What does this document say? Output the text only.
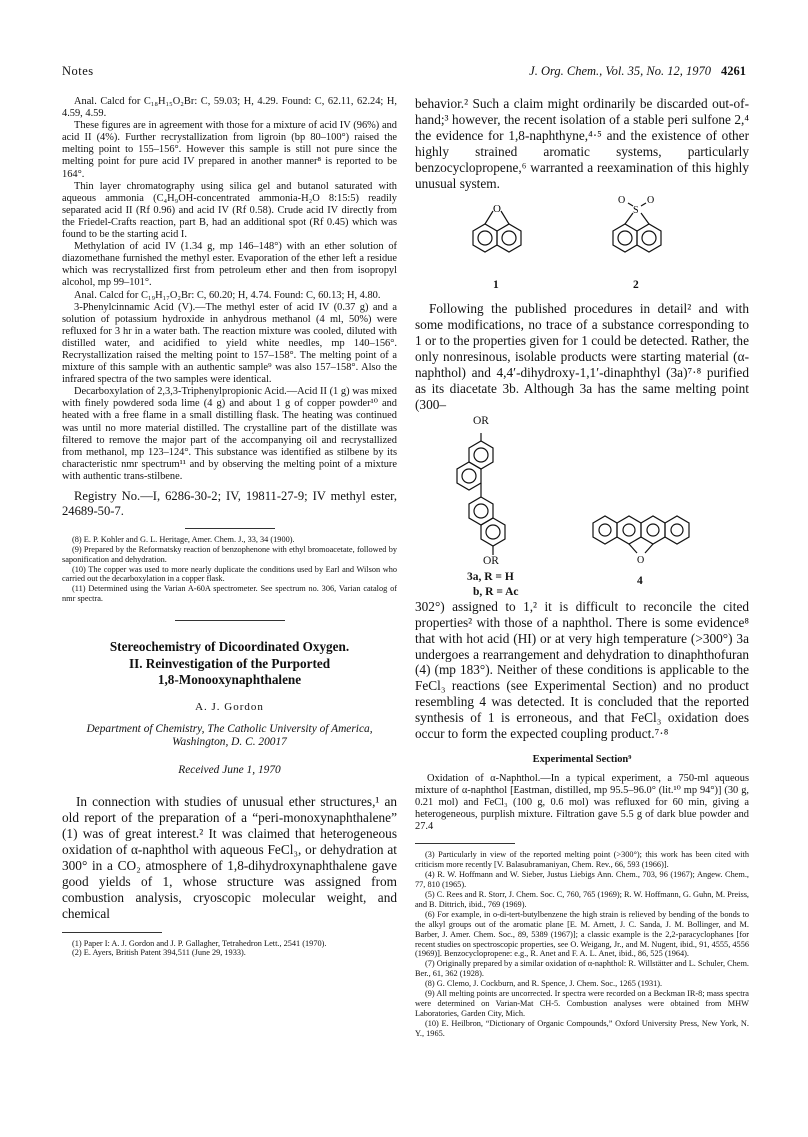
Notes	J. Org. Chem., Vol. 35, No. 12, 1970 4261

Anal. Calcd for C₁₈H₁₅O₂Br: C, 59.03; H, 4.29. Found: C, 62.11, 62.24; H, 4.59, 4.59.

These figures are in agreement with those for a mixture of acid IV (96%) and acid II (4%). Further recrystallization from ligroin (bp 80–100°) raised the melting point to 155–156°. However this sample is still not pure since the melting point for pure acid IV prepared in another manner⁸ is reported to be 164°.

Thin layer chromatography using silica gel and butanol saturated with aqueous ammonia (C₄H₉OH-concentrated ammonia-H₂O 8:15:5) readily separated acid II (Rf 0.96) and acid IV (Rf 0.58). Crude acid IV directly from the Friedel-Crafts reaction, part B, had an additional spot (Rf 0.45) which was found to be the starting acid I.

Methylation of acid IV (1.34 g, mp 146–148°) with an ether solution of diazomethane furnished the methyl ester. Evaporation of the ether left a residue which was recrystallized first from petroleum ether and then from isopropyl alcohol, mp 99–101°.

Anal. Calcd for C₁₉H₁₇O₂Br: C, 60.20; H, 4.74. Found: C, 60.13; H, 4.80.

3-Phenylcinnamic Acid (V).—The methyl ester of acid IV (0.37 g) and a solution of potassium hydroxide in anhydrous methanol (4 ml, 50%) were refluxed for 3 hr in a water bath. The reaction mixture was cooled, diluted with distilled water, and acidified to yield white needles, mp 140–156°. Recrystallization raised the melting point to 157–158°. The melting point of a mixture of this sample with an authentic sample⁹ was also 157–158°. Also the infrared spectra of the two samples were identical.

Decarboxylation of 2,3,3-Triphenylpropionic Acid.—Acid II (1 g) was mixed with finely powdered soda lime (4 g) and about 1 g of copper powder¹⁰ and heated with a free flame in a small distilling flask. The heating was continued was until no more material distilled. The crystalline part of the distillate was filtered to remove the major part of the accompanying oil and recrystallized from methanol, mp 123–124°. This substance was identified as stilbene by its characteristic nmr spectrum¹¹ and by observing the melting point of a mixture with authentic trans-stilbene.

Registry No.—I, 6286-30-2; IV, 19811-27-9; IV methyl ester, 24689-50-7.

(8) E. P. Kohler and G. L. Heritage, Amer. Chem. J., 33, 34 (1900).

(9) Prepared by the Reformatsky reaction of benzophenone with ethyl bromoacetate, followed by saponification and dehydration.

(10) The copper was used to more nearly duplicate the conditions used by Earl and Wilson who carried out the decarboxylation in a copper flask.

(11) Determined using the Varian A-60A spectrometer. See spectrum no. 306, Varian catalog of nmr spectra.

Stereochemistry of Dicoordinated Oxygen.
II. Reinvestigation of the Purported
1,8-Monooxynaphthalene
A. J. Gordon
Department of Chemistry, The Catholic University of America, Washington, D. C. 20017
Received June 1, 1970

In connection with studies of unusual ether structures,¹ an old report of the preparation of a “peri-monoxynaphthalene” (1) was of great interest.² It was claimed that heterogeneous oxidation of α-naphthol with aqueous FeCl₃, or dehydration at 300° in a CO₂ atmosphere of 1,8-dihydroxynaphthalene gave good yields of 1, whose structure was assigned from combustion analysis, cryoscopic molecular weight, and chemical

(1) Paper I: A. J. Gordon and J. P. Gallagher, Tetrahedron Lett., 2541 (1970).

(2) E. Ayers, British Patent 394,511 (June 29, 1933).

behavior.² Such a claim might ordinarily be discarded out-of-hand;³ however, the recent isolation of a stable peri sulfone 2,⁴ the evidence for 1,8-naphthyne,⁴·⁵ and the existence of other highly strained aromatic systems, particularly benzocyclopropene,⁶ warranted a reexamination of this highly unusual system.

O	S
O O
1	2

Following the published procedures in detail² and with some modifications, no trace of a substance corresponding to 1 or to the properties given for 1 could be detected. Rather, the only nonresinous, isolable products were starting material (α-naphthol) and 4,4′-dihydroxy-1,1′-dinaphthyl (3a)⁷·⁸ purified as its diacetate 3b. Although 3a has the same melting point (300–

O
OR
OR
3a, R = H
b, R = Ac
4

302°) assigned to 1,² it is difficult to reconcile the cited properties² with those of a naphthol. There is some evidence⁸ that with hot acid (HI) or at very high temperature (>300°) 3a undergoes a rearrangement and dehydration to dinaphthofuran (4) (mp 183°). Neither of these conditions is applicable to the FeCl₃ reactions (see Experimental Section) and no product resembling 4 was detected. It is concluded that the reported synthesis of 1 is erroneous, and that FeCl₃ oxidation does occur to form the expected coupling product.⁷·⁸

Experimental Section⁹

Oxidation of α-Naphthol.—In a typical experiment, a 750-ml aqueous mixture of α-naphthol [Eastman, distilled, mp 95.5–96.0° (lit.¹⁰ mp 94°)] (30 g, 0.21 mol) and FeCl₃ (100 g, 0.6 mol) was refluxed for 60 min, giving a heterogeneous, purplish mixture. Filtration gave 5.5 g of dark blue powder and 27.4

(3) Particularly in view of the reported melting point (>300°); this work has been cited with criticism more recently [V. Balasubramaniyan, Chem. Rev., 66, 593 (1966)].

(4) R. W. Hoffmann and W. Sieber, Justus Liebigs Ann. Chem., 703, 96 (1967); Angew. Chem., 77, 810 (1965).

(5) C. Rees and R. Storr, J. Chem. Soc. C, 760, 765 (1969); R. W. Hoffmann, G. Guhn, M. Preiss, and B. Dittrich, ibid., 769 (1969).

(6) For example, in o-di-tert-butylbenzene the high strain is relieved by bending of the bonds to the alkyl groups out of the aromatic plane [E. M. Arnett, J. C. Sanda, J. M. Bollinger, and M. Barber, J. Amer. Chem. Soc., 89, 5389 (1967)]; a classic example is the 2,2-paracyclophanes [for recent studies on spectroscopic properties, see O. Weigang, Jr., and M. Nugent, ibid., 91, 4555, 4556 (1969)]. Benzocyclopropene: e.g., R. Anet and F. A. L. Anet, ibid., 86, 525 (1964).

(7) Originally prepared by a similar oxidation of α-naphthol: R. Willstätter and L. Schuler, Chem. Ber., 61, 362 (1928).

(8) G. Clemo, J. Cockburn, and R. Spence, J. Chem. Soc., 1265 (1931).

(9) All melting points are uncorrected. Ir spectra were recorded on a Beckman IR-8; mass spectra were determined on Varian-Mat CH-5. Combustion analyses were obtained from MHW Laboratories, Garden City, Mich.

(10) E. Heilbron, “Dictionary of Organic Compounds,” Oxford University Press, New York, N. Y., 1965.
